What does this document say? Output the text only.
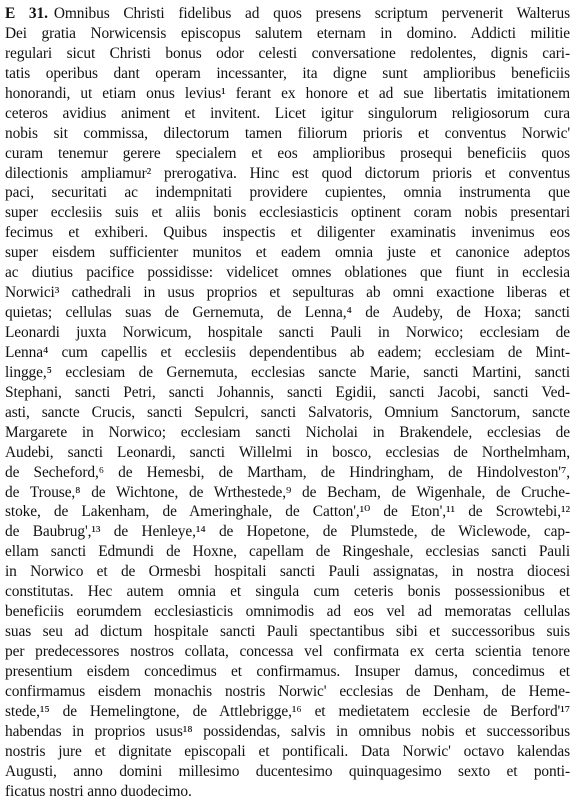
E 31. Omnibus Christi fidelibus ad quos presens scriptum pervenerit Walterus
Dei gratia Norwicensis episcopus salutem eternam in domino. Addicti militie
regulari sicut Christi bonus odor celesti conversatione redolentes, dignis cari-
tatis operibus dant operam incessanter, ita digne sunt amplioribus beneficiis
honorandi, ut etiam onus levius¹ ferant ex honore et ad sue libertatis imitationem
ceteros avidius animent et invitent. Licet igitur singulorum religiosorum cura
nobis sit commissa, dilectorum tamen filiorum prioris et conventus Norwic'
curam tenemur gerere specialem et eos amplioribus prosequi beneficiis quos
dilectionis ampliamur² prerogativa. Hinc est quod dictorum prioris et conventus
paci, securitati ac indempnitati providere cupientes, omnia instrumenta que
super ecclesiis suis et aliis bonis ecclesiasticis optinent coram nobis presentari
fecimus et exhiberi. Quibus inspectis et diligenter examinatis invenimus eos
super eisdem sufficienter munitos et eadem omnia juste et canonice adeptos
ac diutius pacifice possidisse: videlicet omnes oblationes que fiunt in ecclesia
Norwici³ cathedrali in usus proprios et sepulturas ab omni exactione liberas et
quietas; cellulas suas de Gernemuta, de Lenna,⁴ de Audeby, de Hoxa; sancti
Leonardi juxta Norwicum, hospitale sancti Pauli in Norwico; ecclesiam de
Lenna⁴ cum capellis et ecclesiis dependentibus ab eadem; ecclesiam de Mint-
lingge,⁵ ecclesiam de Gernemuta, ecclesias sancte Marie, sancti Martini, sancti
Stephani, sancti Petri, sancti Johannis, sancti Egidii, sancti Jacobi, sancti Ved-
asti, sancte Crucis, sancti Sepulcri, sancti Salvatoris, Omnium Sanctorum, sancte
Margarete in Norwico; ecclesiam sancti Nicholai in Brakendele, ecclesias de
Audebi, sancti Leonardi, sancti Willelmi in bosco, ecclesias de Northelmham,
de Secheford,⁶ de Hemesbi, de Martham, de Hindringham, de Hindolveston'⁷,
de Trouse,⁸ de Wichtone, de Wrthestede,⁹ de Becham, de Wigenhale, de Cruche-
stoke, de Lakenham, de Ameringhale, de Catton',¹⁰ de Eton',¹¹ de Scrowtebi,¹²
de Baubrug',¹³ de Henleye,¹⁴ de Hopetone, de Plumstede, de Wiclewode, cap-
ellam sancti Edmundi de Hoxne, capellam de Ringeshale, ecclesias sancti Pauli
in Norwico et de Ormesbi hospitali sancti Pauli assignatas, in nostra diocesi
constitutas. Hec autem omnia et singula cum ceteris bonis possessionibus et
beneficiis eorumdem ecclesiasticis omnimodis ad eos vel ad memoratas cellulas
suas seu ad dictum hospitale sancti Pauli spectantibus sibi et successoribus suis
per predecessores nostros collata, concessa vel confirmata ex certa scientia tenore
presentium eisdem concedimus et confirmamus. Insuper damus, concedimus et
confirmamus eisdem monachis nostris Norwic' ecclesias de Denham, de Heme-
stede,¹⁵ de Hemelingtone, de Attlebrigge,¹⁶ et medietatem ecclesie de Berford'¹⁷
habendas in proprios usus¹⁸ possidendas, salvis in omnibus nobis et successoribus
nostris jure et dignitate episcopali et pontificali. Data Norwic' octavo kalendas
Augusti, anno domini millesimo ducentesimo quinquagesimo sexto et ponti-
ficatus nostri anno duodecimo.
